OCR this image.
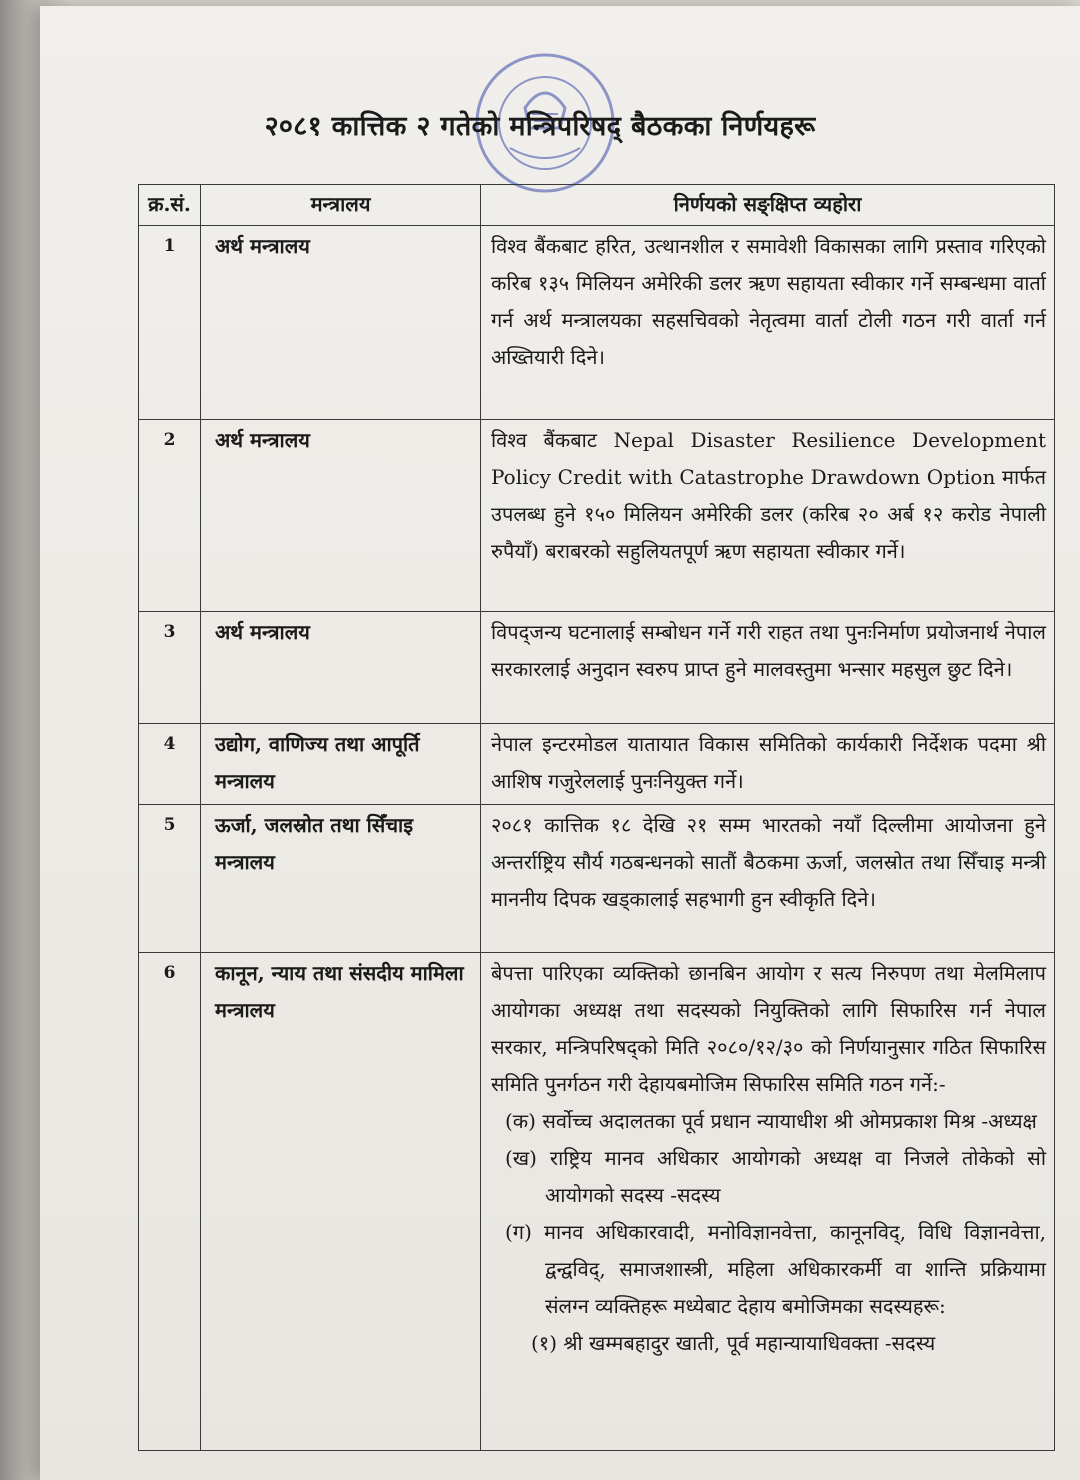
२०८१ कात्तिक २ गतेको मन्त्रिपरिषद् बैठकका निर्णयहरू
क्र.सं.	मन्त्रालय	निर्णयको सङ्क्षिप्त व्यहोरा
1	अर्थ मन्त्रालय	विश्व बैंकबाट हरित, उत्थानशील र समावेशी विकासका लागि प्रस्ताव गरिएको करिब १३५ मिलियन अमेरिकी डलर ऋण सहायता स्वीकार गर्ने सम्बन्धमा वार्ता गर्न अर्थ मन्त्रालयका सहसचिवको नेतृत्वमा वार्ता टोली गठन गरी वार्ता गर्न अख्तियारी दिने।
2	अर्थ मन्त्रालय	विश्व बैंकबाट Nepal Disaster Resilience Development Policy Credit with Catastrophe Drawdown Option मार्फत उपलब्ध हुने १५० मिलियन अमेरिकी डलर (करिब २० अर्ब १२ करोड नेपाली रुपैयाँ) बराबरको सहुलियतपूर्ण ऋण सहायता स्वीकार गर्ने।
3	अर्थ मन्त्रालय	विपद्जन्य घटनालाई सम्बोधन गर्ने गरी राहत तथा पुनःनिर्माण प्रयोजनार्थ नेपाल सरकारलाई अनुदान स्वरुप प्राप्त हुने मालवस्तुमा भन्सार महसुल छुट दिने।
4	उद्योग, वाणिज्य तथा आपूर्ति मन्त्रालय	नेपाल इन्टरमोडल यातायात विकास समितिको कार्यकारी निर्देशक पदमा श्री आशिष गजुरेललाई पुनःनियुक्त गर्ने।
5	ऊर्जा, जलस्रोत तथा सिँचाइ मन्त्रालय	२०८१ कात्तिक १८ देखि २१ सम्म भारतको नयाँ दिल्लीमा आयोजना हुने अन्तर्राष्ट्रिय सौर्य गठबन्धनको सातौं बैठकमा ऊर्जा, जलस्रोत तथा सिँचाइ मन्त्री माननीय दिपक खड्कालाई सहभागी हुन स्वीकृति दिने।
6	कानून, न्याय तथा संसदीय मामिला मन्त्रालय	बेपत्ता पारिएका व्यक्तिको छानबिन आयोग र सत्य निरुपण तथा मेलमिलाप आयोगका अध्यक्ष तथा सदस्यको नियुक्तिको लागि सिफारिस गर्न नेपाल सरकार, मन्त्रिपरिषद्को मिति २०८०/१२/३० को निर्णयानुसार गठित सिफारिस समिति पुनर्गठन गरी देहायबमोजिम सिफारिस समिति गठन गर्ने:-
(क) सर्वोच्च अदालतका पूर्व प्रधान न्यायाधीश श्री ओमप्रकाश मिश्र -अध्यक्ष
(ख) राष्ट्रिय मानव अधिकार आयोगको अध्यक्ष वा निजले तोकेको सो आयोगको सदस्य -सदस्य
(ग) मानव अधिकारवादी, मनोविज्ञानवेत्ता, कानूनविद्, विधि विज्ञानवेत्ता, द्वन्द्वविद्, समाजशास्त्री, महिला अधिकारकर्मी वा शान्ति प्रक्रियामा संलग्न व्यक्तिहरू मध्येबाट देहाय बमोजिमका सदस्यहरू:
(१) श्री खम्मबहादुर खाती, पूर्व महान्यायाधिवक्ता -सदस्य
